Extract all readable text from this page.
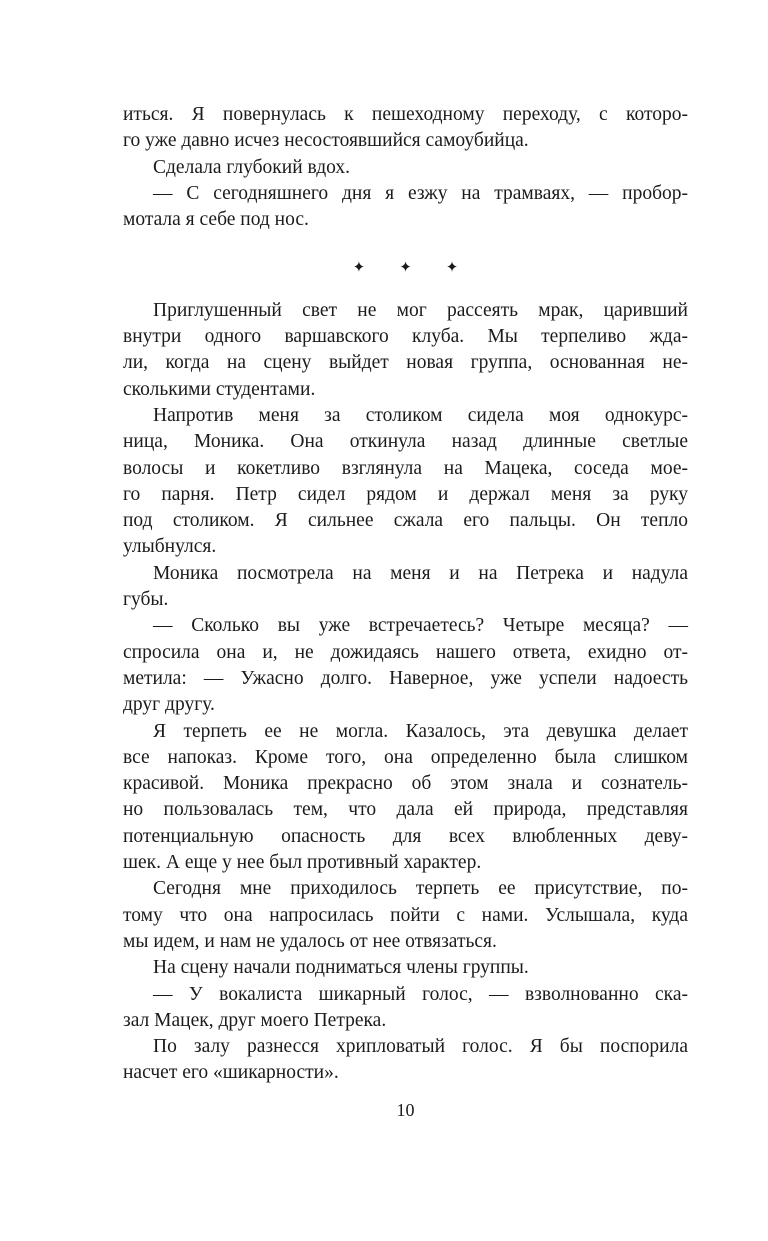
иться. Я повернулась к пешеходному переходу, с которо-
го уже давно исчез несостоявшийся самоубийца.
Сделала глубокий вдох.
— С сегодняшнего дня я езжу на трамваях, — пробор-
мотала я себе под нос.
✦ ✦ ✦
Приглушенный свет не мог рассеять мрак, царивший
внутри одного варшавского клуба. Мы терпеливо жда-
ли, когда на сцену выйдет новая группа, основанная не-
сколькими студентами.
Напротив меня за столиком сидела моя однокурс-
ница, Моника. Она откинула назад длинные светлые
волосы и кокетливо взглянула на Мацека, соседа мое-
го парня. Петр сидел рядом и держал меня за руку
под столиком. Я сильнее сжала его пальцы. Он тепло
улыбнулся.
Моника посмотрела на меня и на Петрека и надула
губы.
— Сколько вы уже встречаетесь? Четыре месяца? —
спросила она и, не дожидаясь нашего ответа, ехидно от-
метила: — Ужасно долго. Наверное, уже успели надоесть
друг другу.
Я терпеть ее не могла. Казалось, эта девушка делает
все напоказ. Кроме того, она определенно была слишком
красивой. Моника прекрасно об этом знала и сознатель-
но пользовалась тем, что дала ей природа, представляя
потенциальную опасность для всех влюбленных деву-
шек. А еще у нее был противный характер.
Сегодня мне приходилось терпеть ее присутствие, по-
тому что она напросилась пойти с нами. Услышала, куда
мы идем, и нам не удалось от нее отвязаться.
На сцену начали подниматься члены группы.
— У вокалиста шикарный голос, — взволнованно ска-
зал Мацек, друг моего Петрека.
По залу разнесся хрипловатый голос. Я бы поспорила
насчет его «шикарности».
10
